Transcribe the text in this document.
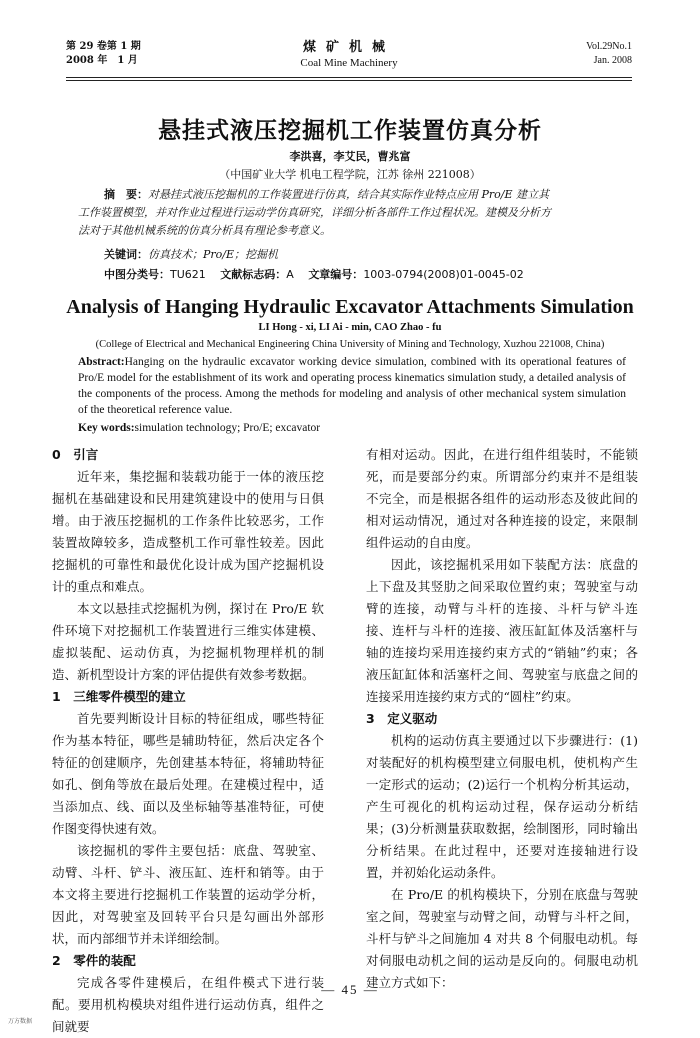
第 29 卷第 1 期
2008 年　1 月
煤矿机械
Coal Mine Machinery
Vol.29No.1
Jan. 2008
悬挂式液压挖掘机工作装置仿真分析
李洪喜，李艾民，曹兆富
（中国矿业大学 机电工程学院，江苏 徐州 221008）

摘　要：对悬挂式液压挖掘机的工作装置进行仿真，结合其实际作业特点应用 Pro/E 建立其

工作装置模型，并对作业过程进行运动学仿真研究，详细分析各部件工作过程状况。建模及分析方

法对于其他机械系统的仿真分析具有理论参考意义。

关键词：仿真技术；Pro/E；挖掘机
中图分类号：TU621　 文献标志码：A　 文章编号：1003-0794(2008)01-0045-02
Analysis of Hanging Hydraulic Excavator Attachments Simulation
LI Hong - xi, LI Ai - min, CAO Zhao - fu
(College of Electrical and Mechanical Engineering China University of Mining and Technology, Xuzhou 221008, China)
Abstract:Hanging on the hydraulic excavator working device simulation, combined with its operational features of Pro/E model for the establishment of its work and operating process kinematics simulation study, a detailed analysis of the components of the process. Among the methods for modeling and analysis of other mechanical system simulation of the theoretical reference value.
Key words:simulation technology; Pro/E; excavator
0　引言

近年来，集挖掘和装载功能于一体的液压挖掘机在基础建设和民用建筑建设中的使用与日俱增。由于液压挖掘机的工作条件比较恶劣，工作装置故障较多，造成整机工作可靠性较差。因此挖掘机的可靠性和最优化设计成为国产挖掘机设计的重点和难点。

本文以悬挂式挖掘机为例，探讨在 Pro/E 软件环境下对挖掘机工作装置进行三维实体建模、虚拟装配、运动仿真，为挖掘机物理样机的制造、新机型设计方案的评估提供有效参考数据。

1　三维零件模型的建立

首先要判断设计目标的特征组成，哪些特征作为基本特征，哪些是辅助特征，然后决定各个特征的创建顺序，先创建基本特征，将辅助特征如孔、倒角等放在最后处理。在建模过程中，适当添加点、线、面以及坐标轴等基准特征，可使作图变得快速有效。

该挖掘机的零件主要包括：底盘、驾驶室、动臂、斗杆、铲斗、液压缸、连杆和销等。由于本文将主要进行挖掘机工作装置的运动学分析，因此，对驾驶室及回转平台只是勾画出外部形状，而内部细节并未详细绘制。

2　零件的装配

完成各零件建模后，在组件模式下进行装配。要用机构模块对组件进行运动仿真，组件之间就要

有相对运动。因此，在进行组件组装时，不能锁死，而是要部分约束。所谓部分约束并不是组装不完全，而是根据各组件的运动形态及彼此间的相对运动情况，通过对各种连接的设定，来限制组件运动的自由度。

因此，该挖掘机采用如下装配方法：底盘的上下盘及其竖肋之间采取位置约束；驾驶室与动臂的连接，动臂与斗杆的连接、斗杆与铲斗连接、连杆与斗杆的连接、液压缸缸体及活塞杆与轴的连接均采用连接约束方式的“销轴”约束；各液压缸缸体和活塞杆之间、驾驶室与底盘之间的连接采用连接约束方式的“圆柱”约束。

3　定义驱动

机构的运动仿真主要通过以下步骤进行：(1)对装配好的机构模型建立伺服电机，使机构产生一定形式的运动；(2)运行一个机构分析其运动，产生可视化的机构运动过程，保存运动分析结果；(3)分析测量获取数据，绘制图形，同时输出分析结果。在此过程中，还要对连接轴进行设置，并初始化运动条件。

在 Pro/E 的机构模块下，分别在底盘与驾驶室之间，驾驶室与动臂之间，动臂与斗杆之间，斗杆与铲斗之间施加 4 对共 8 个伺服电动机。每对伺服电动机之间的运动是反向的。伺服电动机建立方式如下：

— 45 —
万方数据
